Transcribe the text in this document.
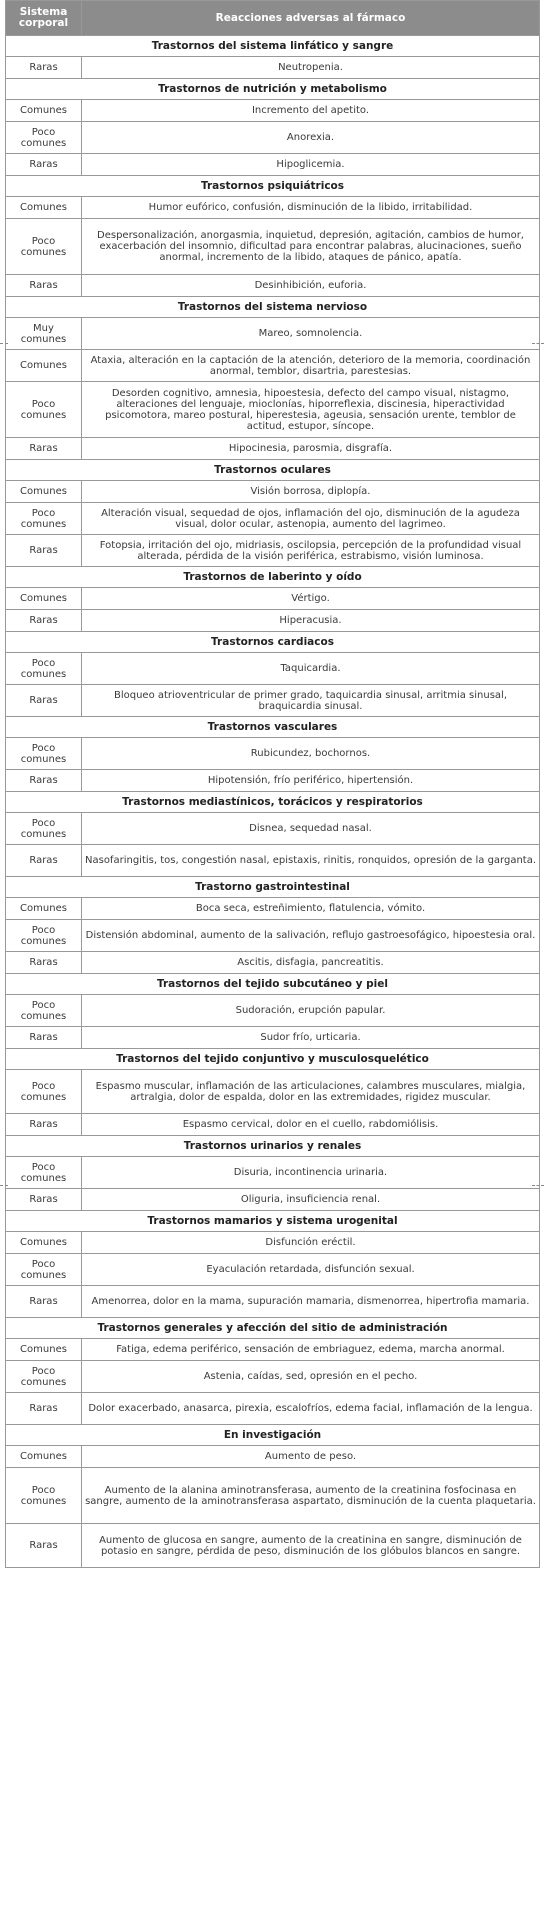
Sistema corporal	Reacciones adversas al fármaco
Trastornos del sistema linfático y sangre	
Raras	Neutropenia.
Trastornos de nutrición y metabolismo	
Comunes	Incremento del apetito.
Poco comunes	Anorexia.
Raras	Hipoglicemia.
Trastornos psiquiátricos	
Comunes	Humor eufórico, confusión, disminución de la libido, irritabilidad.
Poco comunes	Despersonalización, anorgasmia, inquietud, depresión, agitación, cambios de humor, exacerbación del insomnio, dificultad para encontrar palabras, alucinaciones, sueño anormal, incremento de la libido, ataques de pánico, apatía.
Raras	Desinhibición, euforia.
Trastornos del sistema nervioso	
Muy comunes	Mareo, somnolencia.
Comunes	Ataxia, alteración en la captación de la atención, deterioro de la memoria, coordinación anormal, temblor, disartria, parestesias.
Poco comunes	Desorden cognitivo, amnesia, hipoestesia, defecto del campo visual, nistagmo, alteraciones del lenguaje, mioclonías, hiporreflexia, discinesia, hiperactividad psicomotora, mareo postural, hiperestesia, ageusia, sensación urente, temblor de actitud, estupor, síncope.
Raras	Hipocinesia, parosmia, disgrafía.
Trastornos oculares	
Comunes	Visión borrosa, diplopía.
Poco comunes	Alteración visual, sequedad de ojos, inflamación del ojo, disminución de la agudeza visual, dolor ocular, astenopia, aumento del lagrimeo.
Raras	Fotopsia, irritación del ojo, midriasis, oscilopsia, percepción de la profundidad visual alterada, pérdida de la visión periférica, estrabismo, visión luminosa.
Trastornos de laberinto y oído	
Comunes	Vértigo.
Raras	Hiperacusia.
Trastornos cardiacos	
Poco comunes	Taquicardia.
Raras	Bloqueo atrioventricular de primer grado, taquicardia sinusal, arritmia sinusal, braquicardia sinusal.
Trastornos vasculares	
Poco comunes	Rubicundez, bochornos.
Raras	Hipotensión, frío periférico, hipertensión.
Trastornos mediastínicos, torácicos y respiratorios	
Poco comunes	Disnea, sequedad nasal.
Raras	Nasofaringitis, tos, congestión nasal, epistaxis, rinitis, ronquidos, opresión de la garganta.
Trastorno gastrointestinal	
Comunes	Boca seca, estreñimiento, flatulencia, vómito.
Poco comunes	Distensión abdominal, aumento de la salivación, reflujo gastroesofágico, hipoestesia oral.
Raras	Ascitis, disfagia, pancreatitis.
Trastornos del tejido subcutáneo y piel	
Poco comunes	Sudoración, erupción papular.
Raras	Sudor frío, urticaria.
Trastornos del tejido conjuntivo y musculosquelético	
Poco comunes	Espasmo muscular, inflamación de las articulaciones, calambres musculares, mialgia, artralgia, dolor de espalda, dolor en las extremidades, rigidez muscular.
Raras	Espasmo cervical, dolor en el cuello, rabdomiólisis.
Trastornos urinarios y renales	
Poco comunes	Disuria, incontinencia urinaria.
Raras	Oliguria, insuficiencia renal.
Trastornos mamarios y sistema urogenital	
Comunes	Disfunción eréctil.
Poco comunes	Eyaculación retardada, disfunción sexual.
Raras	Amenorrea, dolor en la mama, supuración mamaria, dismenorrea, hipertrofia mamaria.
Trastornos generales y afección del sitio de administración	
Comunes	Fatiga, edema periférico, sensación de embriaguez, edema, marcha anormal.
Poco comunes	Astenia, caídas, sed, opresión en el pecho.
Raras	Dolor exacerbado, anasarca, pirexia, escalofríos, edema facial, inflamación de la lengua.
En investigación	
Comunes	Aumento de peso.
Poco comunes	Aumento de la alanina aminotransferasa, aumento de la creatinina fosfocinasa en sangre, aumento de la aminotransferasa aspartato, disminución de la cuenta plaquetaria.
Raras	Aumento de glucosa en sangre, aumento de la creatinina en sangre, disminución de potasio en sangre, pérdida de peso, disminución de los glóbulos blancos en sangre.
